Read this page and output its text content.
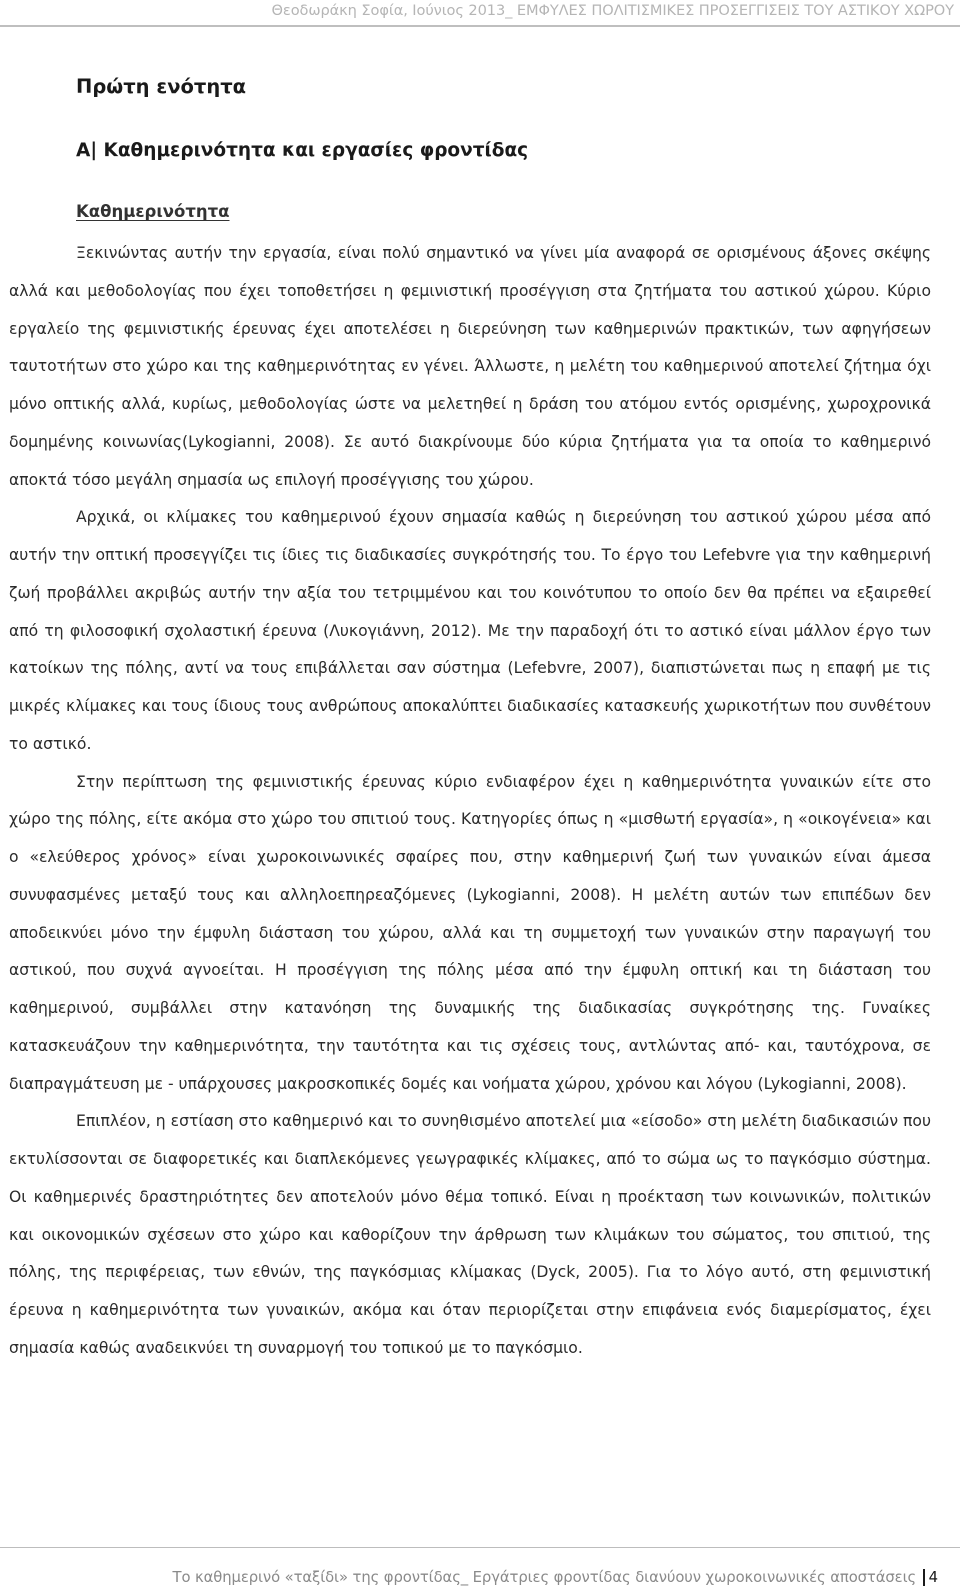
Θεοδωράκη Σοφία, Ιούνιος 2013_ ΕΜΦΥΛΕΣ ΠΟΛΙΤΙΣΜΙΚΕΣ ΠΡΟΣΕΓΓΙΣΕΙΣ ΤΟΥ ΑΣΤΙΚΟΥ ΧΩΡΟΥ
Πρώτη ενότητα
Α| Καθημερινότητα και εργασίες φροντίδας
Καθημερινότητα

Ξεκινώντας αυτήν την εργασία, είναι πολύ σημαντικό να γίνει μία αναφορά σε ορισμένους άξονες σκέψης αλλά και μεθοδολογίας που έχει τοποθετήσει η φεμινιστική προσέγγιση στα ζητήματα του αστικού χώρου. Κύριο εργαλείο της φεμινιστικής έρευνας έχει αποτελέσει η διερεύνηση των καθημερινών πρακτικών, των αφηγήσεων ταυτοτήτων στο χώρο και της καθημερινότητας εν γένει. Άλλωστε, η μελέτη του καθημερινού αποτελεί ζήτημα όχι μόνο οπτικής αλλά, κυρίως, μεθοδολογίας ώστε να μελετηθεί η δράση του ατόμου εντός ορισμένης, χωροχρονικά δομημένης κοινωνίας(Lykogianni, 2008). Σε αυτό διακρίνουμε δύο κύρια ζητήματα για τα οποία το καθημερινό αποκτά τόσο μεγάλη σημασία ως επιλογή προσέγγισης του χώρου.

Αρχικά, οι κλίμακες του καθημερινού έχουν σημασία καθώς η διερεύνηση του αστικού χώρου μέσα από αυτήν την οπτική προσεγγίζει τις ίδιες τις διαδικασίες συγκρότησής του. Το έργο του Lefebvre για την καθημερινή ζωή προβάλλει ακριβώς αυτήν την αξία του τετριμμένου και του κοινότυπου το οποίο δεν θα πρέπει να εξαιρεθεί από τη φιλοσοφική σχολαστική έρευνα (Λυκογιάννη, 2012). Με την παραδοχή ότι το αστικό είναι μάλλον έργο των κατοίκων της πόλης, αντί να τους επιβάλλεται σαν σύστημα (Lefebvre, 2007), διαπιστώνεται πως η επαφή με τις μικρές κλίμακες και τους ίδιους τους ανθρώπους αποκαλύπτει διαδικασίες κατασκευής χωρικοτήτων που συνθέτουν το αστικό.

Στην περίπτωση της φεμινιστικής έρευνας κύριο ενδιαφέρον έχει η καθημερινότητα γυναικών είτε στο χώρο της πόλης, είτε ακόμα στο χώρο του σπιτιού τους. Κατηγορίες όπως η «μισθωτή εργασία», η «οικογένεια» και ο «ελεύθερος χρόνος» είναι χωροκοινωνικές σφαίρες που, στην καθημερινή ζωή των γυναικών είναι άμεσα συνυφασμένες μεταξύ τους και αλληλοεπηρεαζόμενες (Lykogianni, 2008). Η μελέτη αυτών των επιπέδων δεν αποδεικνύει μόνο την έμφυλη διάσταση του χώρου, αλλά και τη συμμετοχή των γυναικών στην παραγωγή του αστικού, που συχνά αγνοείται. Η προσέγγιση της πόλης μέσα από την έμφυλη οπτική και τη διάσταση του καθημερινού, συμβάλλει στην κατανόηση της δυναμικής της διαδικασίας συγκρότησης της. Γυναίκες κατασκευάζουν την καθημερινότητα, την ταυτότητα και τις σχέσεις τους, αντλώντας από- και, ταυτόχρονα, σε διαπραγμάτευση με - υπάρχουσες μακροσκοπικές δομές και νοήματα χώρου, χρόνου και λόγου (Lykogianni, 2008).

Επιπλέον, η εστίαση στο καθημερινό και το συνηθισμένο αποτελεί μια «είσοδο» στη μελέτη διαδικασιών που εκτυλίσσονται σε διαφορετικές και διαπλεκόμενες γεωγραφικές κλίμακες, από το σώμα ως το παγκόσμιο σύστημα. Οι καθημερινές δραστηριότητες δεν αποτελούν μόνο θέμα τοπικό. Είναι η προέκταση των κοινωνικών, πολιτικών και οικονομικών σχέσεων στο χώρο και καθορίζουν την άρθρωση των κλιμάκων του σώματος, του σπιτιού, της πόλης, της περιφέρειας, των εθνών, της παγκόσμιας κλίμακας (Dyck, 2005). Για το λόγο αυτό, στη φεμινιστική έρευνα η καθημερινότητα των γυναικών, ακόμα και όταν περιορίζεται στην επιφάνεια ενός διαμερίσματος, έχει σημασία καθώς αναδεικνύει τη συναρμογή του τοπικού με το παγκόσμιο.

Το καθημερινό «ταξίδι» της φροντίδας_ Εργάτριες φροντίδας διανύουν χωροκοινωνικές αποστάσεις 4
